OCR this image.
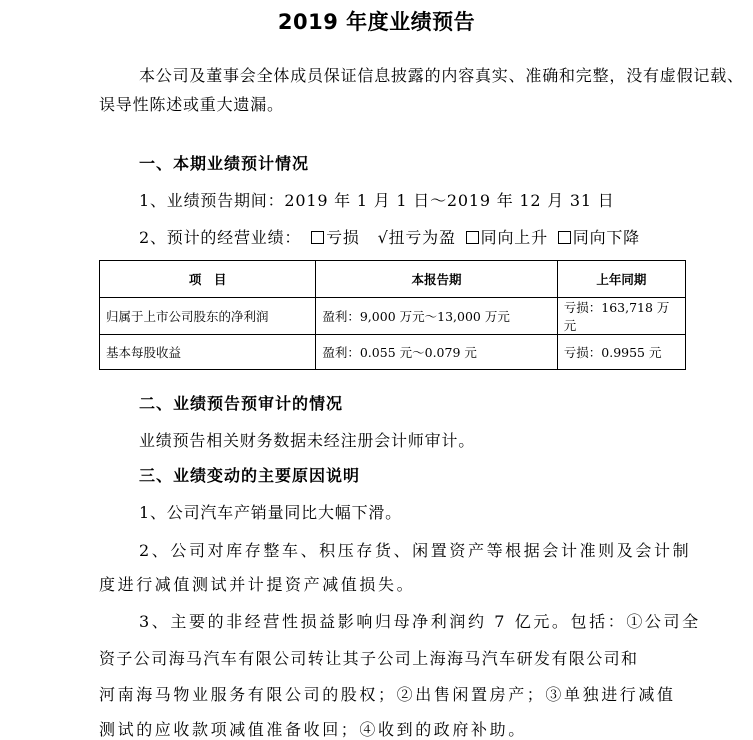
2019 年度业绩预告
本公司及董事会全体成员保证信息披露的内容真实、准确和完整，没有虚假记载、
误导性陈述或重大遗漏。
一、本期业绩预计情况
1、业绩预告期间：2019 年 1 月 1 日～2019 年 12 月 31 日
2、预计的经营业绩： 亏损 √扭亏为盈 同向上升 同向下降
项　目	本报告期	上年同期
归属于上市公司股东的净利润	盈利：9,000 万元～13,000 万元	亏损：163,718 万元
基本每股收益	盈利：0.055 元～0.079 元	亏损：0.9955 元
二、业绩预告预审计的情况
业绩预告相关财务数据未经注册会计师审计。
三、业绩变动的主要原因说明
1、公司汽车产销量同比大幅下滑。
2、公司对库存整车、积压存货、闲置资产等根据会计准则及会计制
度进行减值测试并计提资产减值损失。
3、主要的非经营性损益影响归母净利润约 7 亿元。包括：①公司全
资子公司海马汽车有限公司转让其子公司上海海马汽车研发有限公司和
河南海马物业服务有限公司的股权；②出售闲置房产；③单独进行减值
测试的应收款项减值准备收回；④收到的政府补助。
